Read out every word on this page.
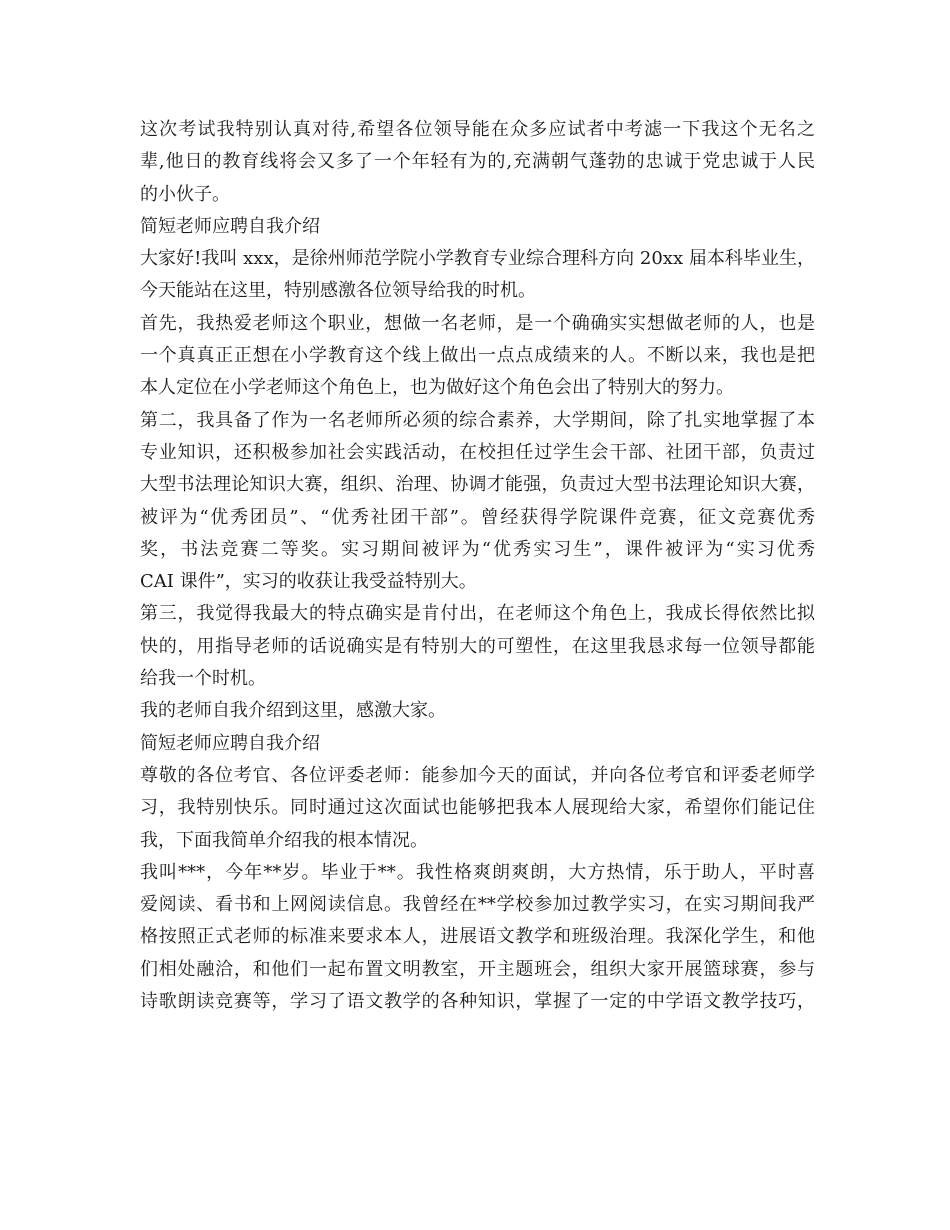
这次考试我特别认真对待,希望各位领导能在众多应试者中考滤一下我这个无名之
辈,他日的教育线将会又多了一个年轻有为的,充满朝气蓬勃的忠诚于党忠诚于人民
的小伙子。
简短老师应聘自我介绍
大家好!我叫 xxx，是徐州师范学院小学教育专业综合理科方向 20xx 届本科毕业生，
今天能站在这里，特别感激各位领导给我的时机。
首先，我热爱老师这个职业，想做一名老师，是一个确确实实想做老师的人，也是
一个真真正正想在小学教育这个线上做出一点点成绩来的人。不断以来，我也是把
本人定位在小学老师这个角色上，也为做好这个角色会出了特别大的努力。
第二，我具备了作为一名老师所必须的综合素养，大学期间，除了扎实地掌握了本
专业知识，还积极参加社会实践活动，在校担任过学生会干部、社团干部，负责过
大型书法理论知识大赛，组织、治理、协调才能强，负责过大型书法理论知识大赛，
被评为“优秀团员”、“优秀社团干部”。曾经获得学院课件竞赛，征文竞赛优秀
奖，书法竞赛二等奖。实习期间被评为“优秀实习生”，课件被评为“实习优秀
CAI 课件”，实习的收获让我受益特别大。
第三，我觉得我最大的特点确实是肯付出，在老师这个角色上，我成长得依然比拟
快的，用指导老师的话说确实是有特别大的可塑性，在这里我恳求每一位领导都能
给我一个时机。
我的老师自我介绍到这里，感激大家。
简短老师应聘自我介绍
尊敬的各位考官、各位评委老师：能参加今天的面试，并向各位考官和评委老师学
习，我特别快乐。同时通过这次面试也能够把我本人展现给大家，希望你们能记住
我，下面我简单介绍我的根本情况。
我叫***，今年**岁。毕业于**。我性格爽朗爽朗，大方热情，乐于助人，平时喜
爱阅读、看书和上网阅读信息。我曾经在**学校参加过教学实习，在实习期间我严
格按照正式老师的标准来要求本人，进展语文教学和班级治理。我深化学生，和他
们相处融洽，和他们一起布置文明教室，开主题班会，组织大家开展篮球赛，参与
诗歌朗读竞赛等，学习了语文教学的各种知识，掌握了一定的中学语文教学技巧，
